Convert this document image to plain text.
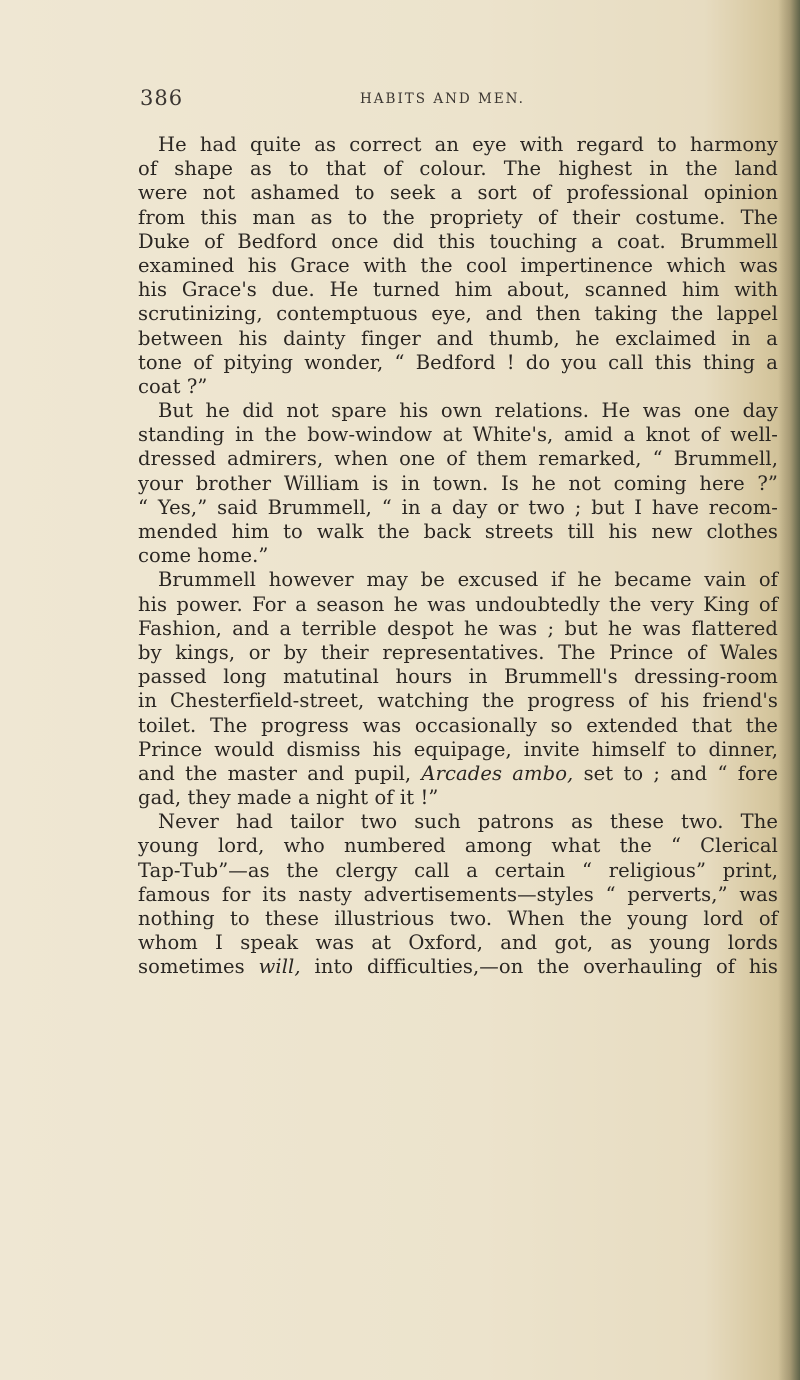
386	HABITS AND MEN.
He had quite as correct an eye with regard to harmony
of shape as to that of colour. The highest in the land
were not ashamed to seek a sort of professional opinion
from this man as to the propriety of their costume. The
Duke of Bedford once did this touching a coat. Brummell
examined his Grace with the cool impertinence which was
his Grace's due. He turned him about, scanned him with
scrutinizing, contemptuous eye, and then taking the lappel
between his dainty finger and thumb, he exclaimed in a
tone of pitying wonder, “ Bedford ! do you call this thing a
coat ?”
But he did not spare his own relations. He was one day
standing in the bow-window at White's, amid a knot of well-
dressed admirers, when one of them remarked, “ Brummell,
your brother William is in town. Is he not coming here ?”
“ Yes,” said Brummell, “ in a day or two ; but I have recom-
mended him to walk the back streets till his new clothes
come home.”
Brummell however may be excused if he became vain of
his power. For a season he was undoubtedly the very King of
Fashion, and a terrible despot he was ; but he was flattered
by kings, or by their representatives. The Prince of Wales
passed long matutinal hours in Brummell's dressing-room
in Chesterfield-street, watching the progress of his friend's
toilet. The progress was occasionally so extended that the
Prince would dismiss his equipage, invite himself to dinner,
and the master and pupil, Arcades ambo, set to ; and “ fore
gad, they made a night of it !”
Never had tailor two such patrons as these two. The
young lord, who numbered among what the “ Clerical
Tap-Tub”—as the clergy call a certain “ religious” print,
famous for its nasty advertisements—styles “ perverts,” was
nothing to these illustrious two. When the young lord of
whom I speak was at Oxford, and got, as young lords
sometimes will, into difficulties,—on the overhauling of his
